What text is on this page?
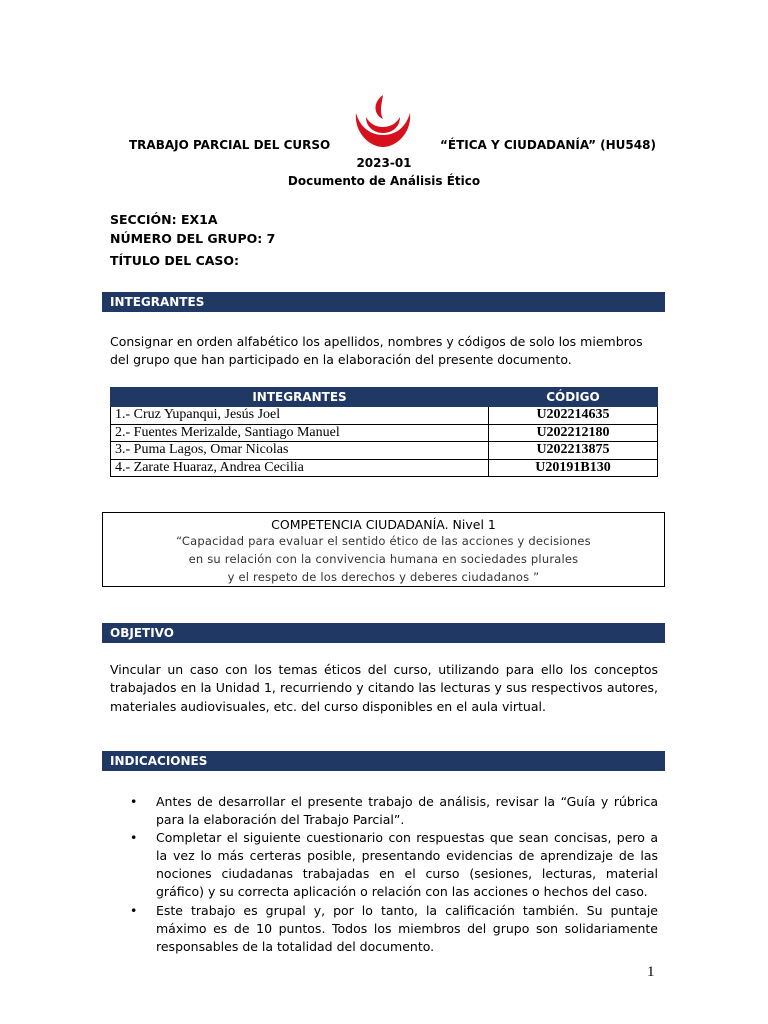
TRABAJO PARCIAL DEL CURSO	“ÉTICA Y CIUDADANÍA” (HU548)
2023-01
Documento de Análisis Ético
SECCIÓN: EX1A
NÚMERO DEL GRUPO: 7
TÍTULO DEL CASO:
INTEGRANTES
Consignar en orden alfabético los apellidos, nombres y códigos de solo los miembros del grupo que han participado en la elaboración del presente documento.
INTEGRANTES	CÓDIGO
1.- Cruz Yupanqui, Jesús Joel	U202214635
2.- Fuentes Merizalde, Santiago Manuel	U202212180
3.- Puma Lagos, Omar Nicolas	U202213875
4.- Zarate Huaraz, Andrea Cecilia	U20191B130
COMPETENCIA CIUDADANÍA. Nivel 1
“Capacidad para evaluar el sentido ético de las acciones y decisiones
en su relación con la convivencia humana en sociedades plurales
y el respeto de los derechos y deberes ciudadanos ”
OBJETIVO
Vincular un caso con los temas éticos del curso, utilizando para ello los conceptos trabajados en la Unidad 1, recurriendo y citando las lecturas y sus respectivos autores, materiales audiovisuales, etc. del curso disponibles en el aula virtual.
INDICACIONES
• Antes de desarrollar el presente trabajo de análisis, revisar la “Guía y rúbrica para la elaboración del Trabajo Parcial”.
• Completar el siguiente cuestionario con respuestas que sean concisas, pero a la vez lo más certeras posible, presentando evidencias de aprendizaje de las nociones ciudadanas trabajadas en el curso (sesiones, lecturas, material gráfico) y su correcta aplicación o relación con las acciones o hechos del caso.
• Este trabajo es grupal y, por lo tanto, la calificación también. Su puntaje máximo es de 10 puntos. Todos los miembros del grupo son solidariamente responsables de la totalidad del documento.
1
